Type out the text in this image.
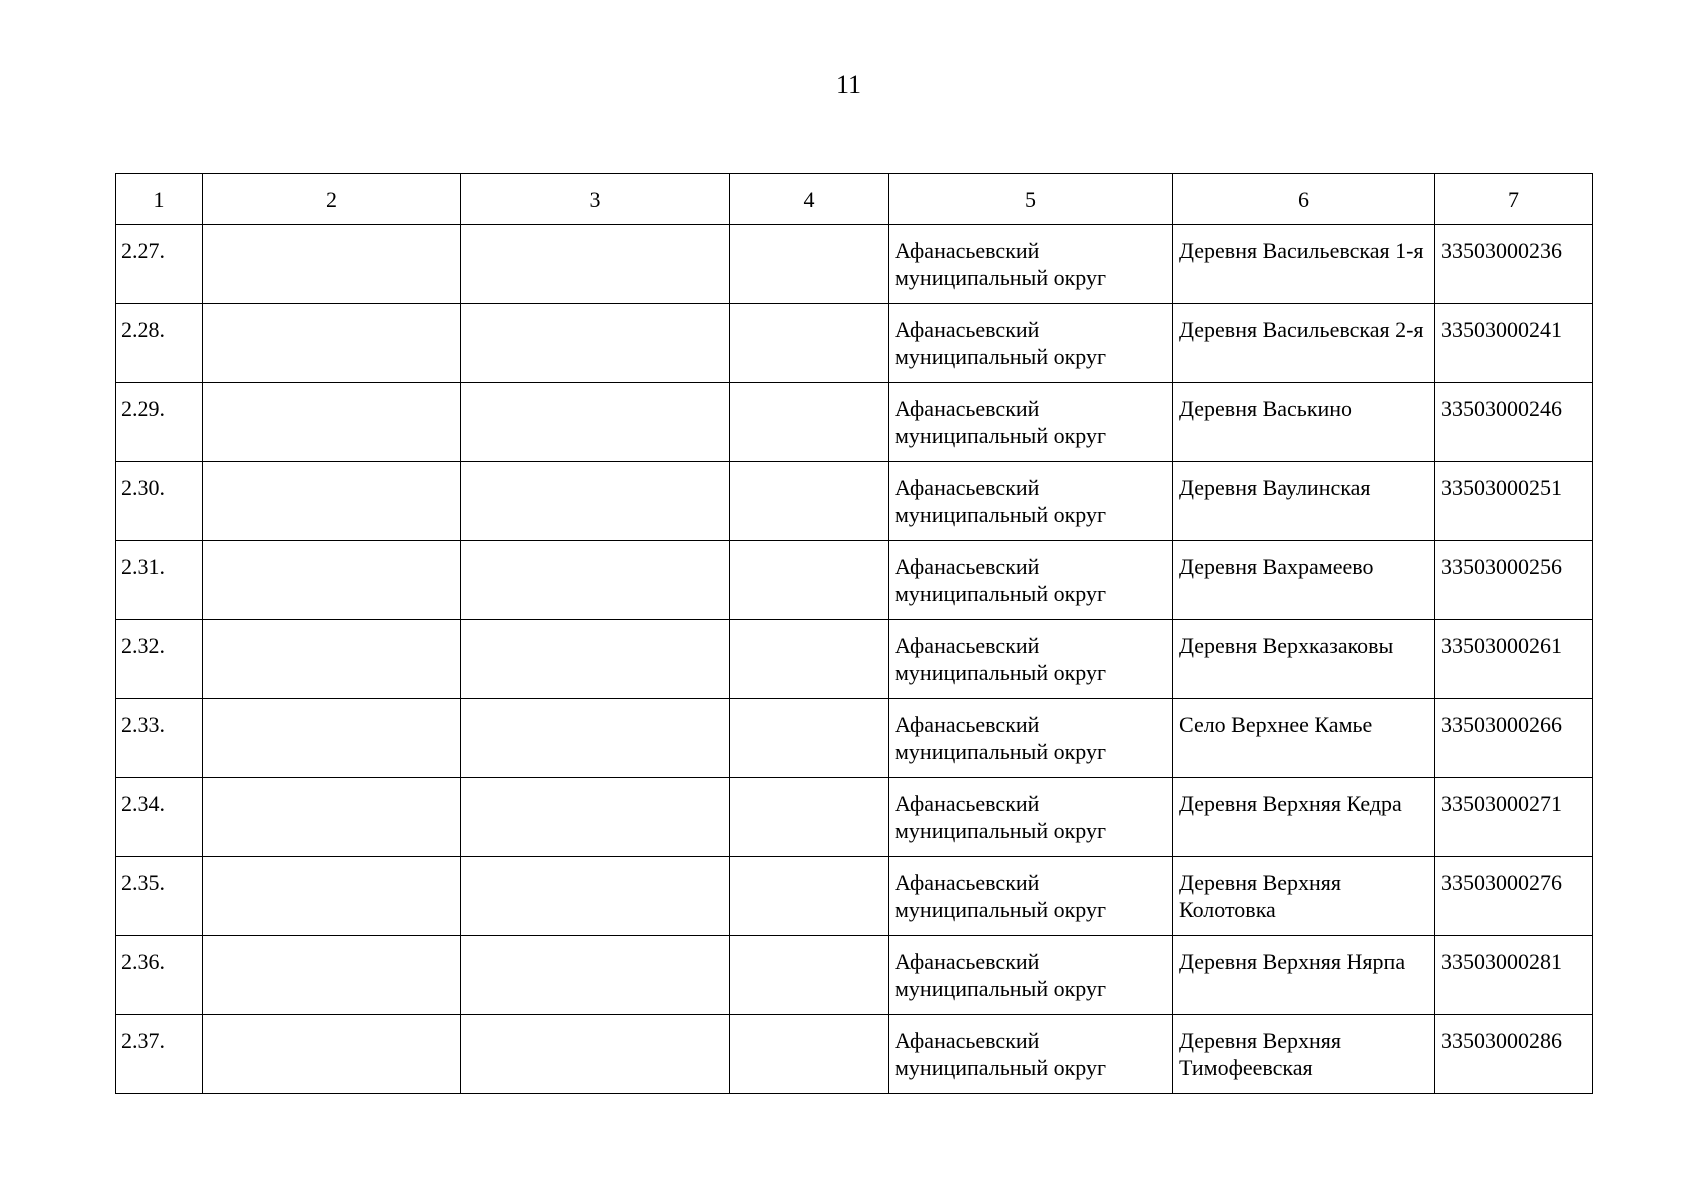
11
1	2	3	4	5	6	7
2.27.				Афанасьевский муниципальный округ	Деревня Васильевская 1-я	33503000236
2.28.				Афанасьевский муниципальный округ	Деревня Васильевская 2-я	33503000241
2.29.				Афанасьевский муниципальный округ	Деревня Васькино	33503000246
2.30.				Афанасьевский муниципальный округ	Деревня Ваулинская	33503000251
2.31.				Афанасьевский муниципальный округ	Деревня Вахрамеево	33503000256
2.32.				Афанасьевский муниципальный округ	Деревня Верхказаковы	33503000261
2.33.				Афанасьевский муниципальный округ	Село Верхнее Камье	33503000266
2.34.				Афанасьевский муниципальный округ	Деревня Верхняя Кедра	33503000271
2.35.				Афанасьевский муниципальный округ	Деревня Верхняя Колотовка	33503000276
2.36.				Афанасьевский муниципальный округ	Деревня Верхняя Нярпа	33503000281
2.37.				Афанасьевский муниципальный округ	Деревня Верхняя Тимофеевская	33503000286
